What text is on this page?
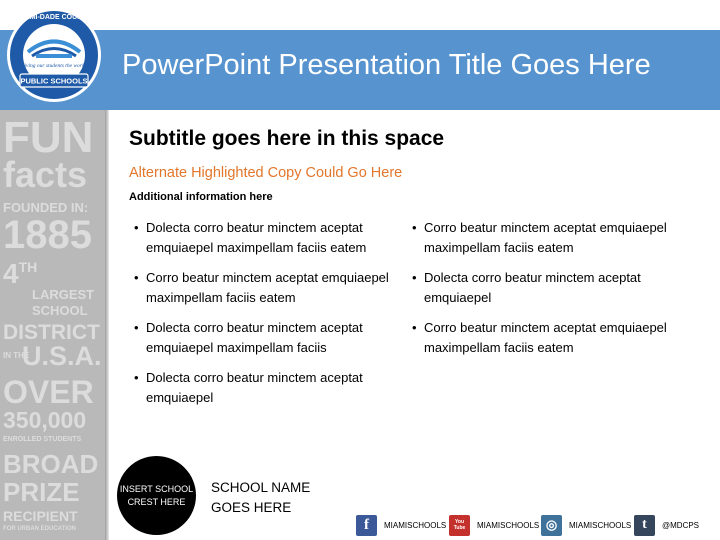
PowerPoint Presentation Title Goes Here
giving our students the world
PUBLIC SCHOOLS
MIAMI-DADE COUNTY
FUN
facts
FOUNDED IN:
1885
4TH
LARGEST
SCHOOL
DISTRICT
IN THE
U.S.A.
OVER
350,000
ENROLLED STUDENTS
BROAD
PRIZE
RECIPIENT
FOR URBAN EDUCATION
Subtitle goes here in this space
Alternate Highlighted Copy Could Go Here
Additional information here
• Dolecta corro beatur minctem aceptat emquiaepel maximpellam faciis eatem
• Corro beatur minctem aceptat emquiaepel maximpellam faciis eatem
• Dolecta corro beatur minctem aceptat emquiaepel maximpellam faciis
• Dolecta corro beatur minctem aceptat emquiaepel
• Corro beatur minctem aceptat emquiaepel maximpellam faciis eatem
• Dolecta corro beatur minctem aceptat emquiaepel
• Corro beatur minctem aceptat emquiaepel maximpellam faciis eatem
INSERT SCHOOL CREST HERE
SCHOOL NAME GOES HERE
f	MIAMISCHOOLS	You Tube	MIAMISCHOOLS ◎	MIAMISCHOOLS t	@MDCPS
